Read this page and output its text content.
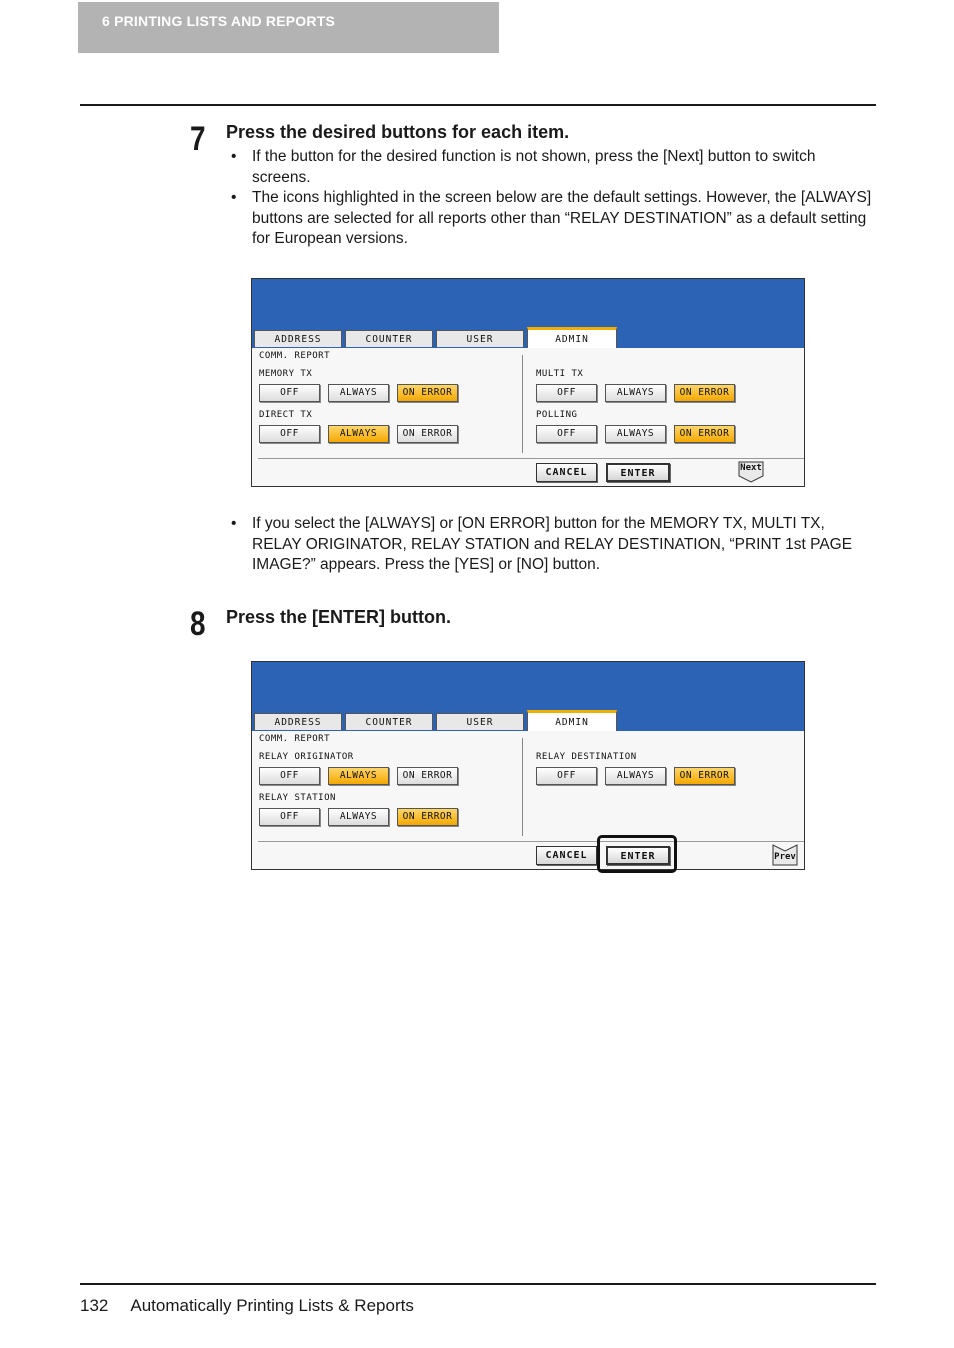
6 PRINTING LISTS AND REPORTS
7 Press the desired buttons for each item.
• If the button for the desired function is not shown, press the [Next] button to switch screens.
• The icons highlighted in the screen below are the default settings. However, the [ALWAYS] buttons are selected for all reports other than “RELAY DESTINATION” as a default setting for European versions.
ADDRESS	COUNTER	USER	ADMIN
COMM. REPORT
MEMORY TX
OFF	ALWAYS	ON ERROR
DIRECT TX
OFF	ALWAYS	ON ERROR
MULTI TX
OFF	ALWAYS	ON ERROR
POLLING
OFF	ALWAYS	ON ERROR
CANCEL	ENTER	Next
• If you select the [ALWAYS] or [ON ERROR] button for the MEMORY TX, MULTI TX, RELAY ORIGINATOR, RELAY STATION and RELAY DESTINATION, “PRINT 1st PAGE IMAGE?” appears. Press the [YES] or [NO] button.
8 Press the [ENTER] button.
ADDRESS	COUNTER	USER	ADMIN
COMM. REPORT
RELAY ORIGINATOR
OFF	ALWAYS	ON ERROR
RELAY STATION
OFF	ALWAYS	ON ERROR
RELAY DESTINATION
OFF	ALWAYS	ON ERROR
CANCEL	ENTER	Prev
132 Automatically Printing Lists & Reports
